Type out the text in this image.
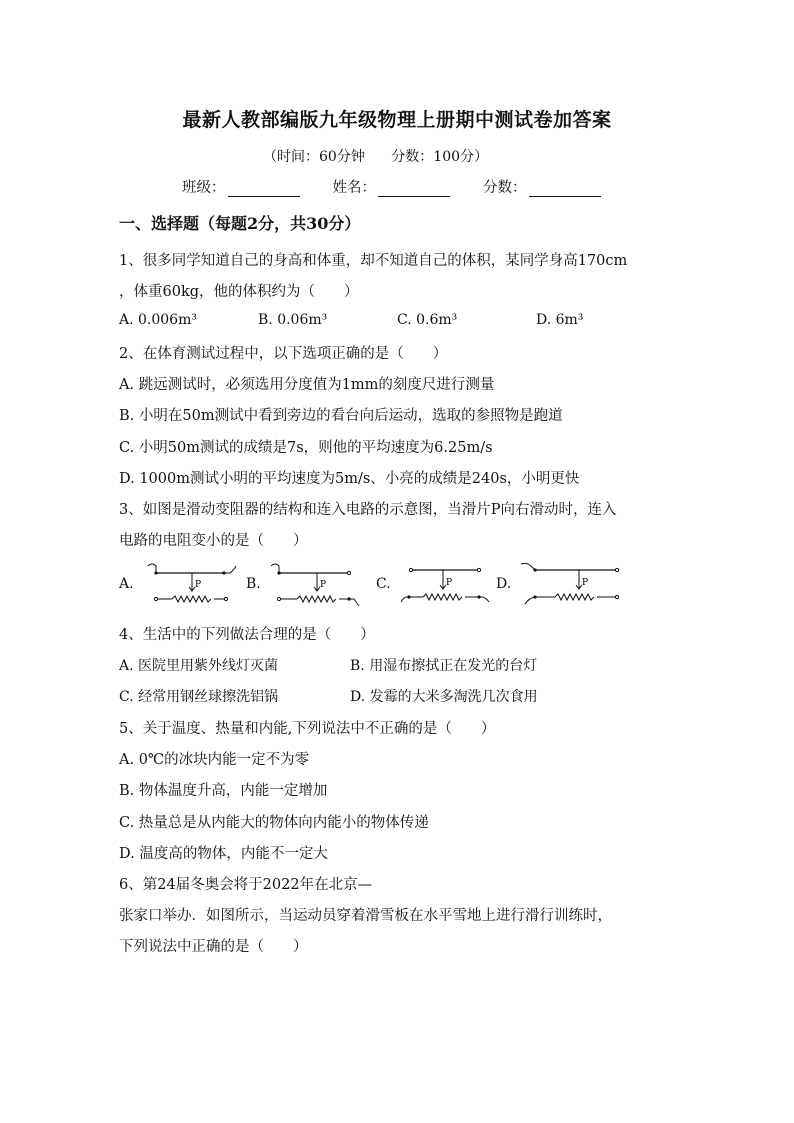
最新人教部编版九年级物理上册期中测试卷加答案
（时间：60分钟 分数：100分）
班级：	姓名：	分数：
一、选择题（每题2分，共30分）
1、很多同学知道自己的身高和体重，却不知道自己的体积，某同学身高170cm
，体重60kg，他的体积约为（　　）
A. 0.006m³	B. 0.06m³	C. 0.6m³	D. 6m³
2、在体育测试过程中，以下选项正确的是（　　）
A. 跳远测试时，必须选用分度值为1mm的刻度尺进行测量
B. 小明在50m测试中看到旁边的看台向后运动，选取的参照物是跑道
C. 小明50m测试的成绩是7s，则他的平均速度为6.25m/s
D. 1000m测试小明的平均速度为5m/s、小亮的成绩是240s，小明更快
3、如图是滑动变阻器的结构和连入电路的示意图，当滑片P向右滑动时，连入
电路的电阻变小的是（　　）
A.	P	B.	P	C.	P	D.	P
4、生活中的下列做法合理的是（　　）
A. 医院里用紫外线灯灭菌	B. 用湿布擦拭正在发光的台灯
C. 经常用钢丝球擦洗铝锅	D. 发霉的大米多淘洗几次食用
5、关于温度、热量和内能,下列说法中不正确的是（　　）
A. 0℃的冰块内能一定不为零
B. 物体温度升高，内能一定增加
C. 热量总是从内能大的物体向内能小的物体传递
D. 温度高的物体，内能不一定大
6、第24届冬奥会将于2022年在北京—
张家口举办．如图所示，当运动员穿着滑雪板在水平雪地上进行滑行训练时，
下列说法中正确的是（　　）
